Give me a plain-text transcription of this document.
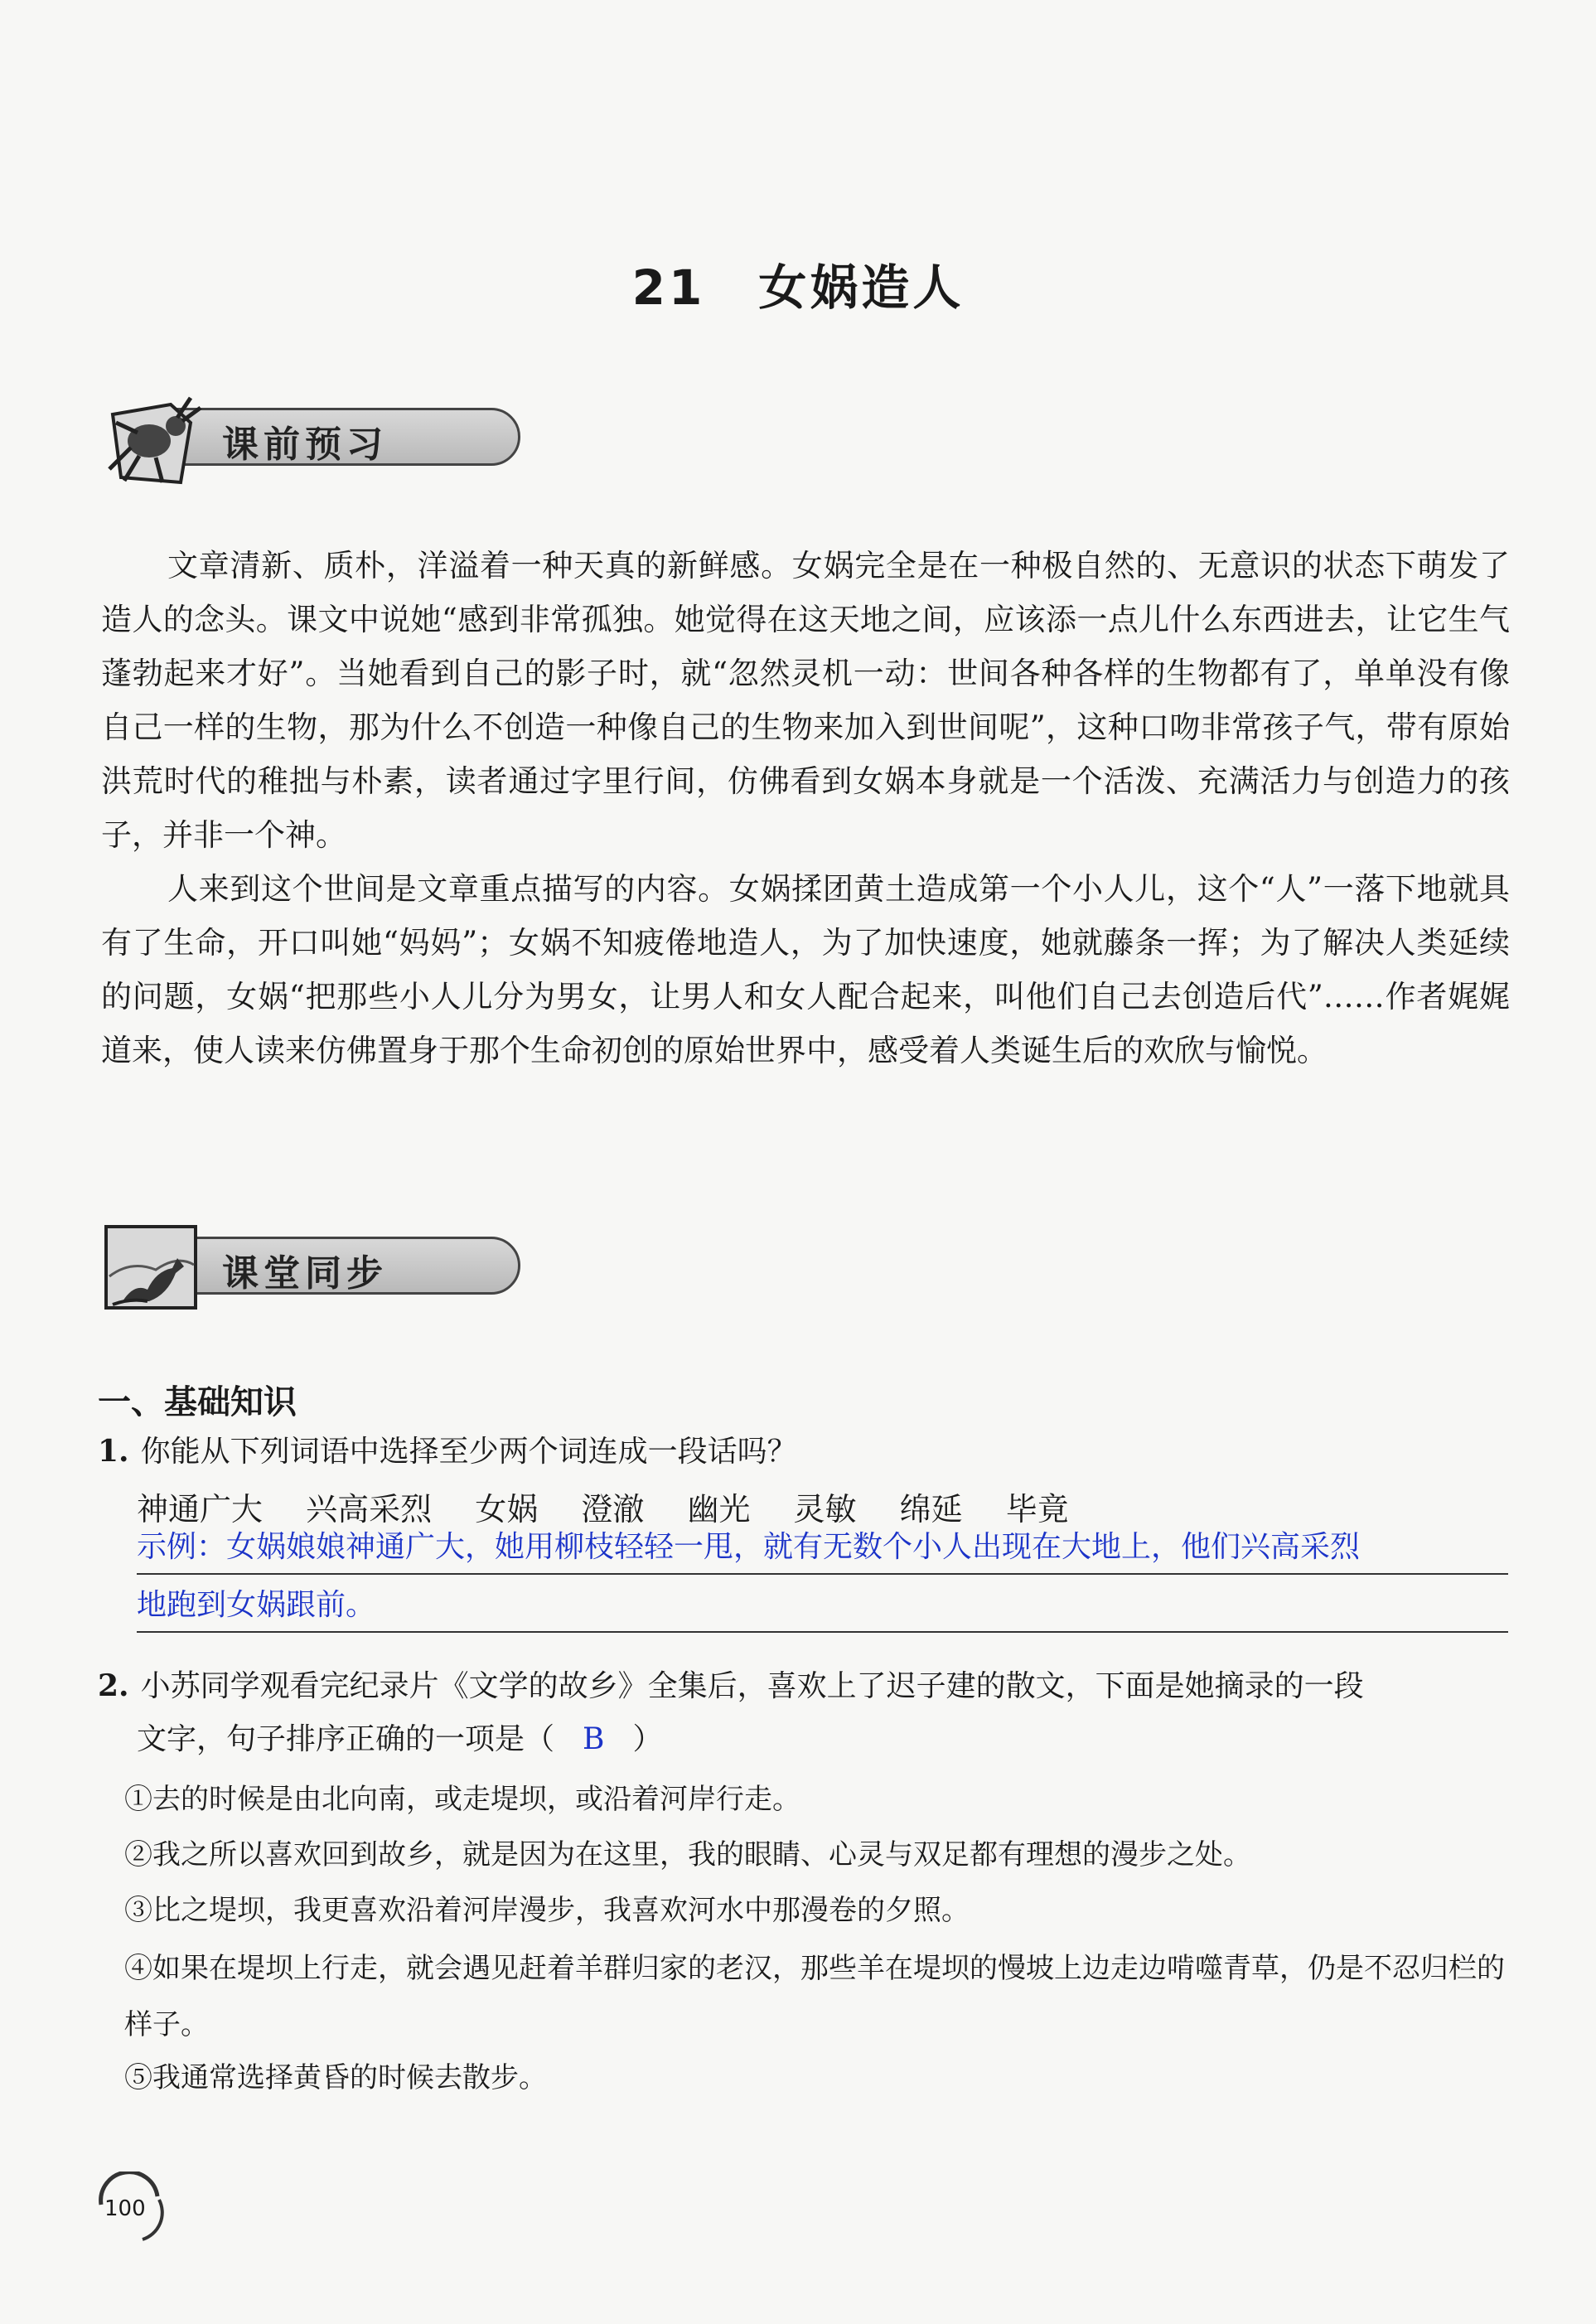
21 女娲造人
课前预习

文章清新、质朴，洋溢着一种天真的新鲜感。女娲完全是在一种极自然的、无意识的状态下萌发了造人的念头。课文中说她“感到非常孤独。她觉得在这天地之间，应该添一点儿什么东西进去，让它生气蓬勃起来才好”。当她看到自己的影子时，就“忽然灵机一动：世间各种各样的生物都有了，单单没有像自己一样的生物，那为什么不创造一种像自己的生物来加入到世间呢”，这种口吻非常孩子气，带有原始洪荒时代的稚拙与朴素，读者通过字里行间，仿佛看到女娲本身就是一个活泼、充满活力与创造力的孩子，并非一个神。

人来到这个世间是文章重点描写的内容。女娲揉团黄土造成第一个小人儿，这个“人”一落下地就具有了生命，开口叫她“妈妈”；女娲不知疲倦地造人，为了加快速度，她就藤条一挥；为了解决人类延续的问题，女娲“把那些小人儿分为男女，让男人和女人配合起来，叫他们自己去创造后代”……作者娓娓道来，使人读来仿佛置身于那个生命初创的原始世界中，感受着人类诞生后的欢欣与愉悦。

课堂同步
一、基础知识
1. 你能从下列词语中选择至少两个词连成一段话吗？
神通广大 兴高采烈 女娲 澄澈 幽光 灵敏 绵延 毕竟
示例：女娲娘娘神通广大，她用柳枝轻轻一甩，就有无数个小人出现在大地上，他们兴高采烈
地跑到女娲跟前。
2. 小苏同学观看完纪录片《文学的故乡》全集后，喜欢上了迟子建的散文，下面是她摘录的一段
文字，句子排序正确的一项是（ B ）
①去的时候是由北向南，或走堤坝，或沿着河岸行走。
②我之所以喜欢回到故乡，就是因为在这里，我的眼睛、心灵与双足都有理想的漫步之处。
③比之堤坝，我更喜欢沿着河岸漫步，我喜欢河水中那漫卷的夕照。
④如果在堤坝上行走，就会遇见赶着羊群归家的老汉，那些羊在堤坝的慢坡上边走边啃噬青草，仍是不忍归栏的样子。
⑤我通常选择黄昏的时候去散步。
100
